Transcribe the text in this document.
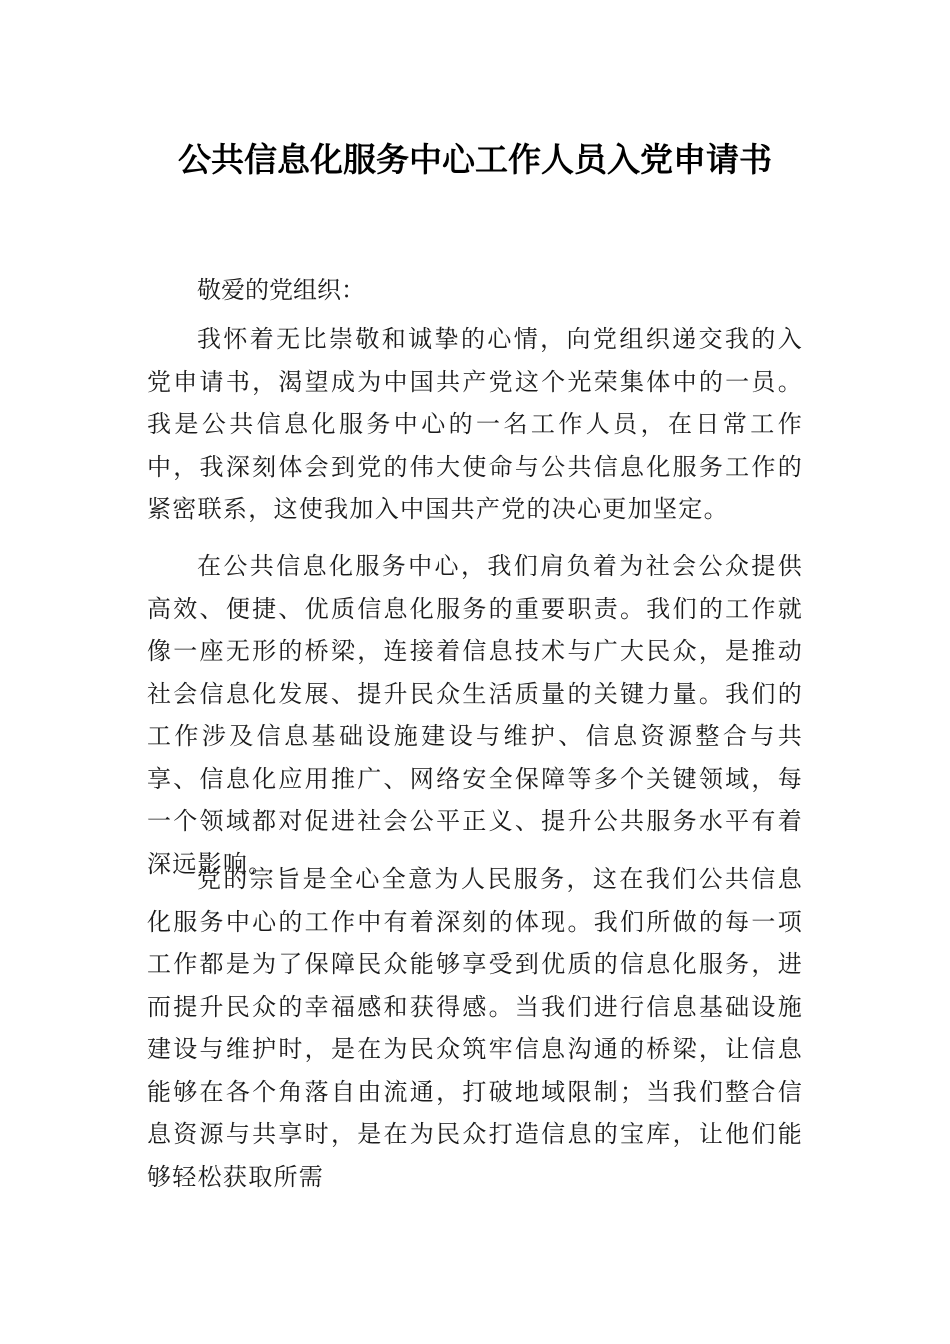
公共信息化服务中心工作人员入党申请书

敬爱的党组织：

我怀着无比崇敬和诚挚的心情，向党组织递交我的入党申请书，渴望成为中国共产党这个光荣集体中的一员。我是公共信息化服务中心的一名工作人员，在日常工作中，我深刻体会到党的伟大使命与公共信息化服务工作的紧密联系，这使我加入中国共产党的决心更加坚定。

在公共信息化服务中心，我们肩负着为社会公众提供高效、便捷、优质信息化服务的重要职责。我们的工作就像一座无形的桥梁，连接着信息技术与广大民众，是推动社会信息化发展、提升民众生活质量的关键力量。我们的工作涉及信息基础设施建设与维护、信息资源整合与共享、信息化应用推广、网络安全保障等多个关键领域，每一个领域都对促进社会公平正义、提升公共服务水平有着深远影响。

党的宗旨是全心全意为人民服务，这在我们公共信息化服务中心的工作中有着深刻的体现。我们所做的每一项工作都是为了保障民众能够享受到优质的信息化服务，进而提升民众的幸福感和获得感。当我们进行信息基础设施建设与维护时，是在为民众筑牢信息沟通的桥梁，让信息能够在各个角落自由流通，打破地域限制；当我们整合信息资源与共享时，是在为民众打造信息的宝库，让他们能够轻松获取所需
